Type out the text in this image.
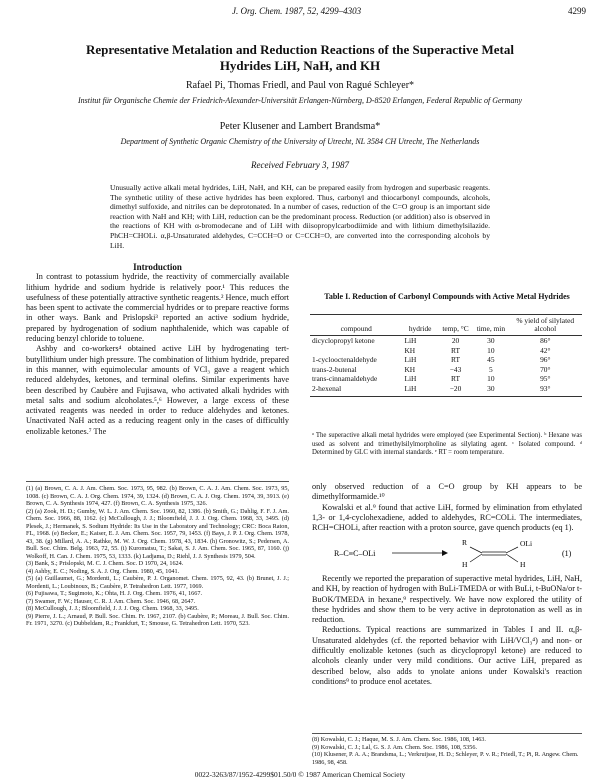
J. Org. Chem. 1987, 52, 4299–4303	4299
Representative Metalation and Reduction Reactions of the Superactive Metal Hydrides LiH, NaH, and KH
Rafael Pi, Thomas Friedl, and Paul von Ragué Schleyer*
Institut für Organische Chemie der Friedrich-Alexander-Universität Erlangen-Nürnberg, D-8520 Erlangen, Federal Republic of Germany
Peter Klusener and Lambert Brandsma*
Department of Synthetic Organic Chemistry of the University of Utrecht, NL 3584 CH Utrecht, The Netherlands
Received February 3, 1987

Unusually active alkali metal hydrides, LiH, NaH, and KH, can be prepared easily from hydrogen and superbasic reagents. The synthetic utility of these active hydrides has been explored. Thus, carbonyl and thiocarbonyl compounds, alcohols, dimethyl sulfoxide, and nitriles can be deprotonated. In a number of cases, reduction of the C=O group is an important side reaction with NaH and KH; with LiH, reduction can be the predominant process. Reduction (or addition) also is observed in the reactions of KH with α-bromodecane and of LiH with diisopropylcarbodiimide and with lithium dimethylsilazide. PhCH=CHOLi. α,β-Unsaturated aldehydes, C=CCH=O or C=CCH=O, are converted into the corresponding alcohols by LiH.

Introduction

In contrast to potassium hydride, the reactivity of commercially available lithium hydride and sodium hydride is relatively poor.¹ This reduces the usefulness of these potentially attractive synthetic reagents.² Hence, much effort has been spent to activate the commercial hydrides or to prepare reactive forms in other ways. Bank and Prislopski³ reported an active sodium hydride, prepared by hydrogenation of sodium naphthalenide, which was capable of reducing benzyl chloride to toluene.

Ashby and co-workers⁴ obtained active LiH by hydrogenating tert-butyllithium under high pressure. The combination of lithium hydride, prepared in this manner, with equimolecular amounts of VCl₃ gave a reagent which reduced aldehydes, ketones, and terminal olefins. Similar experiments have been described by Caubère and Fujisawa, who activated alkali hydrides with metal salts and sodium alcoholates.⁵,⁶ However, a large excess of these activated reagents was needed in order to reduce aldehydes and ketones. Unactivated NaH acted as a reducing reagent only in the cases of difficultly enolizable ketones.⁷ The

(1) (a) Brown, C. A. J. Am. Chem. Soc. 1973, 95, 982. (b) Brown, C. A. J. Am. Chem. Soc. 1973, 95, 1008. (c) Brown, C. A. J. Org. Chem. 1974, 39, 1324. (d) Brown, C. A. J. Org. Chem. 1974, 39, 3913. (e) Brown, C. A. Synthesis 1974, 427. (f) Brown, C. A. Synthesis 1975, 326.
(2) (a) Zook, H. D.; Gumby, W. L. J. Am. Chem. Soc. 1960, 82, 1386. (b) Smith, G.; Dahlig, F. F. J. Am. Chem. Soc. 1966, 88, 1162. (c) McCullough, J. J.; Bloomfield, J. J. J. Org. Chem. 1968, 33, 3495. (d) Plesek, J.; Hermanek, S. Sodium Hydride: Its Use in the Laboratory and Technology; CRC: Boca Raton, FL, 1968. (e) Becker, E.; Kaiser, E. J. Am. Chem. Soc. 1957, 79, 1453. (f) Bays, J. P. J. Org. Chem. 1978, 43, 38. (g) Millard, A. A.; Rathke, M. W. J. Org. Chem. 1978, 43, 1834. (h) Gronowitz, S.; Pedersen, A. Bull. Soc. Chim. Belg. 1963, 72, 55. (i) Kuromatsu, T.; Sakai, S. J. Am. Chem. Soc. 1965, 87, 1160. (j) Wolkoff, H. Can. J. Chem. 1975, 53, 1333. (k) Ladjama, D.; Riehl, J. J. Synthesis 1979, 504.
(3) Bank, S.; Prislopski, M. C. J. Chem. Soc. D 1970, 24, 1624.
(4) Ashby, E. C.; Noding, S. A. J. Org. Chem. 1980, 45, 1041.
(5) (a) Guillaumet, G.; Mordenti, L.; Caubère, P. J. Organomet. Chem. 1975, 92, 43. (b) Brunet, J. J.; Mordenti, L.; Loubinoux, B.; Caubère, P. Tetrahedron Lett. 1977, 1069.
(6) Fujisawa, T.; Sugimoto, K.; Ohta, H. J. Org. Chem. 1976, 41, 1667.
(7) Swamer, F. W.; Hauser, C. R. J. Am. Chem. Soc. 1946, 68, 2647.
(8) McCullough, J. J.; Bloomfield, J. J. J. Org. Chem. 1968, 33, 3495.
(9) Pierre, J. L.; Arnaud, P. Bull. Soc. Chim. Fr. 1967, 2107. (b) Caubère, P.; Moreau, J. Bull. Soc. Chim. Fr. 1971, 3270. (c) Dubbeldam, R.; Frankfurt, T.; Smouse, G. Tetrahedron Lett. 1970, 523.
Table I. Reduction of Carbonyl Compounds with Active Metal Hydrides
compound	hydride	temp, °C	time, min	% yield of silylated alcohol
dicyclopropyl ketone	LiH	20	30	86°
	KH	RT	10	42°
1-cyclooctenaldehyde	LiH	RT	45	96°
trans-2-butenal	KH	−43	5	70°
trans-cinnamaldehyde	LiH	RT	10	95°
2-hexenal	LiH	−20	30	93°
ᵃ The superactive alkali metal hydrides were employed (see Experimental Section). ᵇ Hexane was used as solvent and trimethylsilylmorpholine as silylating agent. ᶜ Isolated compound. ᵈ Determined by GLC with internal standards. ᵉ RT = room temperature.

only observed reduction of a C=O group by KH appears to be dimethylformamide.¹⁰

Kowalski et al.⁹ found that active LiH, formed by elimination from ethylated 1,3- or 1,4-cyclohexadiene, added to aldehydes, RC=COLi. The intermediates, RCH=CHOLi, after reaction with a proton source, gave quench products (eq 1).

R–C≡C–OLi
R
H
OLi
H
(1)

Recently we reported the preparation of superactive metal hydrides, LiH, NaH, and KH, by reaction of hydrogen with BuLi-TMEDA or with BuLi, t-BuONa/or t-BuOK/TMEDA in hexane,⁹ respectively. We have now explored the utility of these hydrides and show them to be very active in deprotonation as well as in reduction.

Reductions. Typical reactions are summarized in Tables I and II. α,β-Unsaturated aldehydes (cf. the reported behavior with LiH/VCl₃⁴) and non- or difficultly enolizable ketones (such as dicyclopropyl ketone) are reduced to alcohols cleanly under very mild conditions. Our active LiH, prepared as described below, also adds to ynolate anions under Kowalski's reaction conditions⁹ to produce enol acetates.

(8) Kowalski, C. J.; Haque, M. S. J. Am. Chem. Soc. 1986, 108, 1463.
(9) Kowalski, C. J.; Lal, G. S. J. Am. Chem. Soc. 1986, 108, 5356.
(10) Klusener, P. A. A.; Brandsma, L.; Verkruijsse, H. D.; Schleyer, P. v. R.; Friedl, T.; Pi, R. Angew. Chem. 1986, 98, 458.
0022-3263/87/1952-4299$01.50/0 © 1987 American Chemical Society
